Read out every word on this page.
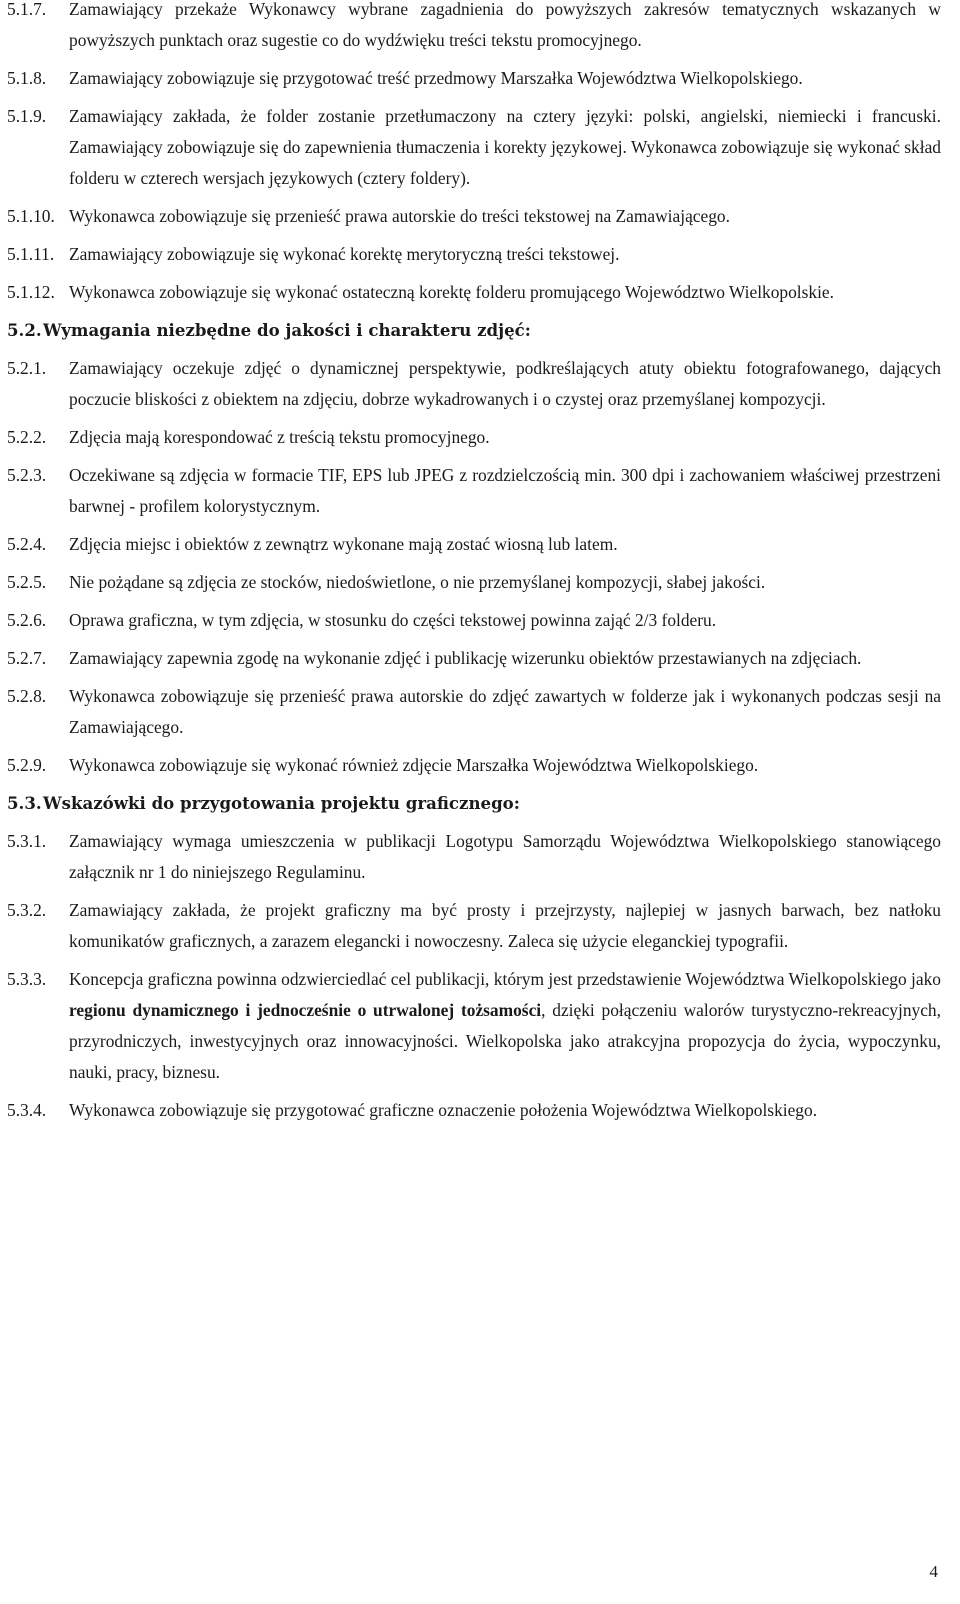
5.1.7.	Zamawiający przekaże Wykonawcy wybrane zagadnienia do powyższych zakresów tematycznych wskazanych w powyższych punktach oraz sugestie co do wydźwięku treści tekstu promocyjnego.
5.1.8.	Zamawiający zobowiązuje się przygotować treść przedmowy Marszałka Województwa Wielkopolskiego.
5.1.9.	Zamawiający zakłada, że folder zostanie przetłumaczony na cztery języki: polski, angielski, niemiecki i francuski. Zamawiający zobowiązuje się do zapewnienia tłumaczenia i korekty językowej. Wykonawca zobowiązuje się wykonać skład folderu w czterech wersjach językowych (cztery foldery).
5.1.10. Wykonawca zobowiązuje się przenieść prawa autorskie do treści tekstowej na Zamawiającego.
5.1.11. Zamawiający zobowiązuje się wykonać korektę merytoryczną treści tekstowej.
5.1.12. Wykonawca zobowiązuje się wykonać ostateczną korektę folderu promującego Województwo Wielkopolskie.
5.2. Wymagania niezbędne do jakości i charakteru zdjęć:
5.2.1.	Zamawiający oczekuje zdjęć o dynamicznej perspektywie, podkreślających atuty obiektu fotografowanego, dających poczucie bliskości z obiektem na zdjęciu, dobrze wykadrowanych i o czystej oraz przemyślanej kompozycji.
5.2.2.	Zdjęcia mają korespondować z treścią tekstu promocyjnego.
5.2.3.	Oczekiwane są zdjęcia w formacie TIF, EPS lub JPEG z rozdzielczością min. 300 dpi i zachowaniem właściwej przestrzeni barwnej - profilem kolorystycznym.
5.2.4.	Zdjęcia miejsc i obiektów z zewnątrz wykonane mają zostać wiosną lub latem.
5.2.5.	Nie pożądane są zdjęcia ze stocków, niedoświetlone, o nie przemyślanej kompozycji, słabej jakości.
5.2.6.	Oprawa graficzna, w tym zdjęcia, w stosunku do części tekstowej powinna zająć 2/3 folderu.
5.2.7.	Zamawiający zapewnia zgodę na wykonanie zdjęć i publikację wizerunku obiektów przestawianych na zdjęciach.
5.2.8.	Wykonawca zobowiązuje się przenieść prawa autorskie do zdjęć zawartych w folderze jak i wykonanych podczas sesji na Zamawiającego.
5.2.9.	Wykonawca zobowiązuje się wykonać również zdjęcie Marszałka Województwa Wielkopolskiego.
5.3. Wskazówki do przygotowania projektu graficznego:
5.3.1.	Zamawiający wymaga umieszczenia w publikacji Logotypu Samorządu Województwa Wielkopolskiego stanowiącego załącznik nr 1 do niniejszego Regulaminu.
5.3.2.	Zamawiający zakłada, że projekt graficzny ma być prosty i przejrzysty, najlepiej w jasnych barwach, bez natłoku komunikatów graficznych, a zarazem elegancki i nowoczesny. Zaleca się użycie eleganckiej typografii.
5.3.3.	Koncepcja graficzna powinna odzwierciedlać cel publikacji, którym jest przedstawienie Województwa Wielkopolskiego jako regionu dynamicznego i jednocześnie o utrwalonej tożsamości, dzięki połączeniu walorów turystyczno-rekreacyjnych, przyrodniczych, inwestycyjnych oraz innowacyjności. Wielkopolska jako atrakcyjna propozycja do życia, wypoczynku, nauki, pracy, biznesu.
5.3.4.	Wykonawca zobowiązuje się przygotować graficzne oznaczenie położenia Województwa Wielkopolskiego.
4
